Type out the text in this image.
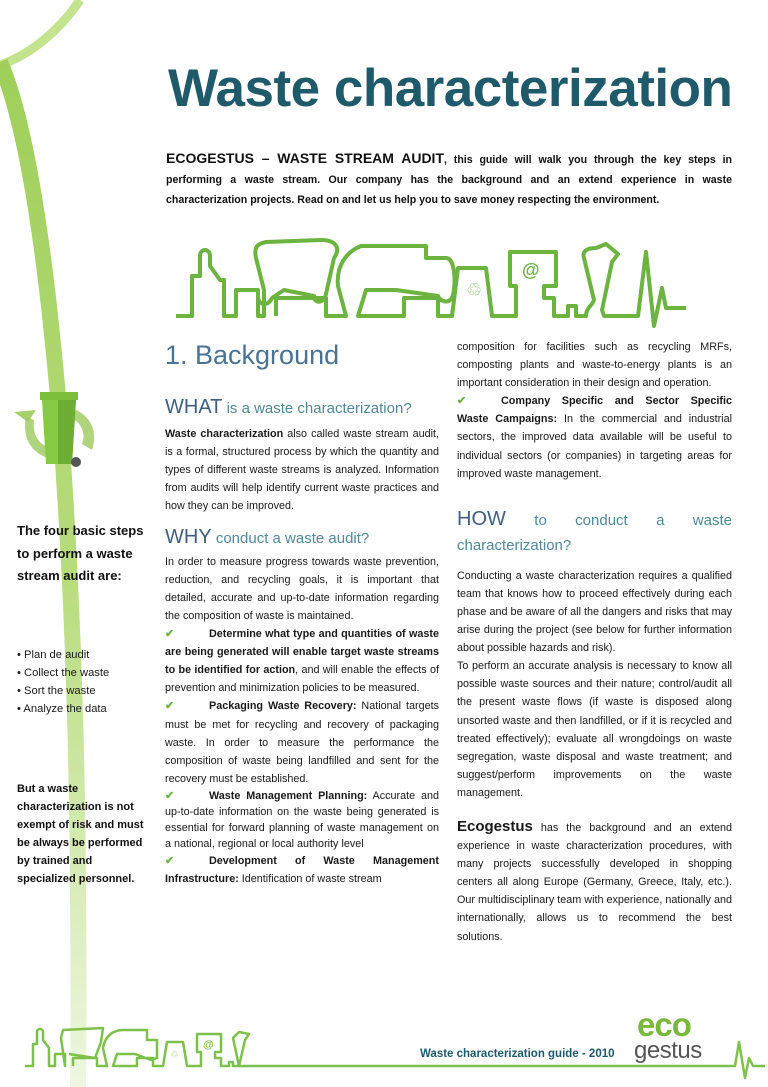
Waste characterization
ECOGESTUS – WASTE STREAM AUDIT, this guide will walk you through the key steps in performing a waste stream. Our company has the background and an extend experience in waste characterization projects. Read on and let us help you to save money respecting the environment.
♲
@
The four basic steps to perform a waste stream audit are:
• Plan de audit
• Collect the waste
• Sort the waste
• Analyze the data
But a waste characterization is not exempt of risk and must be always be performed by trained and specialized personnel.
1. Background
WHAT is a waste characterization?

Waste characterization also called waste stream audit, is a formal, structured process by which the quantity and types of different waste streams is analyzed. Information from audits will help identify current waste practices and how they can be improved.

WHY conduct a waste audit?

In order to measure progress towards waste prevention, reduction, and recycling goals, it is important that detailed, accurate and up-to-date information regarding the composition of waste is maintained.

✔	Determine what type and quantities of waste are being generated will enable target waste streams to be identified for action, and will enable the effects of prevention and minimization policies to be measured.

✔	Packaging Waste Recovery: National targets must be met for recycling and recovery of packaging waste. In order to measure the performance the composition of waste being landfilled and sent for the recovery must be established.

✔	Waste Management Planning: Accurate and up-to-date information on the waste being generated is essential for forward planning of waste management on a national, regional or local authority level

✔	Development of Waste Management Infrastructure: Identification of waste stream

composition for facilities such as recycling MRFs, composting plants and waste-to-energy plants is an important consideration in their design and operation.

✔	Company Specific and Sector Specific Waste Campaigns: In the commercial and industrial sectors, the improved data available will be useful to individual sectors (or companies) in targeting areas for improved waste management.

HOW to conduct a waste characterization?

Conducting a waste characterization requires a qualified team that knows how to proceed effectively during each phase and be aware of all the dangers and risks that may arise during the project (see below for further information about possible hazards and risk).

To perform an accurate analysis is necessary to know all possible waste sources and their nature; control/audit all the present waste flows (if waste is disposed along unsorted waste and then landfilled, or if it is recycled and treated effectively); evaluate all wrongdoings on waste segregation, waste disposal and waste treatment; and suggest/perform improvements on the waste management.

Ecogestus has the background and an extend experience in waste characterization procedures, with many projects successfully developed in shopping centers all along Europe (Germany, Greece, Italy, etc.). Our multidisciplinary team with experience, nationally and internationally, allows us to recommend the best solutions.

♲
@
Waste characterization guide - 2010
eco
gestus
